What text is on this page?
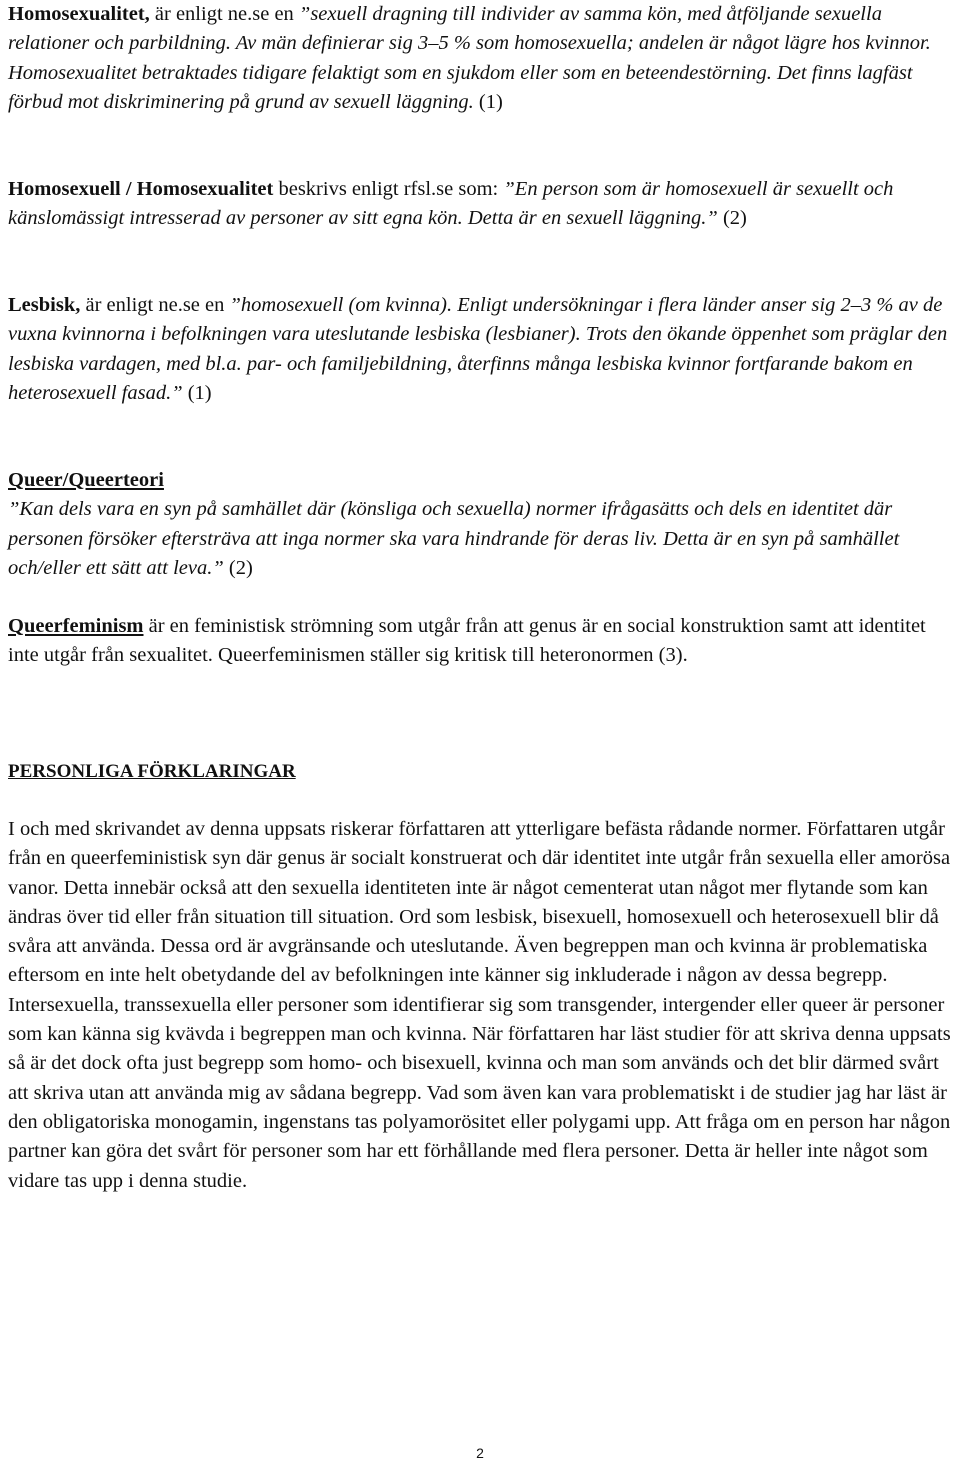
Homosexualitet, är enligt ne.se en ”sexuell dragning till individer av samma kön, med åtföljande sexuella relationer och parbildning. Av män definierar sig 3–5 % som homosexuella; andelen är något lägre hos kvinnor. Homosexualitet betraktades tidigare felaktigt som en sjukdom eller som en beteendestörning. Det finns lagfäst förbud mot diskriminering på grund av sexuell läggning. (1)

Homosexuell / Homosexualitet beskrivs enligt rfsl.se som: ”En person som är homosexuell är sexuellt och känslomässigt intresserad av personer av sitt egna kön. Detta är en sexuell läggning.” (2)

Lesbisk, är enligt ne.se en ”homosexuell (om kvinna). Enligt undersökningar i flera länder anser sig 2–3 % av de vuxna kvinnorna i befolkningen vara uteslutande lesbiska (lesbianer). Trots den ökande öppenhet som präglar den lesbiska vardagen, med bl.a. par- och familjebildning, återfinns många lesbiska kvinnor fortfarande bakom en heterosexuell fasad.” (1)

Queer/Queerteori
”Kan dels vara en syn på samhället där (könsliga och sexuella) normer ifrågasätts och dels en identitet där personen försöker eftersträva att inga normer ska vara hindrande för deras liv. Detta är en syn på samhället och/eller ett sätt att leva.” (2)

Queerfeminism är en feministisk strömning som utgår från att genus är en social konstruktion samt att identitet inte utgår från sexualitet. Queerfeminismen ställer sig kritisk till heteronormen (3).

PERSONLIGA FÖRKLARINGAR

I och med skrivandet av denna uppsats riskerar författaren att ytterligare befästa rådande normer. Författaren utgår från en queerfeministisk syn där genus är socialt konstruerat och där identitet inte utgår från sexuella eller amorösa vanor. Detta innebär också att den sexuella identiteten inte är något cementerat utan något mer flytande som kan ändras över tid eller från situation till situation. Ord som lesbisk, bisexuell, homosexuell och heterosexuell blir då svåra att använda. Dessa ord är avgränsande och uteslutande. Även begreppen man och kvinna är problematiska eftersom en inte helt obetydande del av befolkningen inte känner sig inkluderade i någon av dessa begrepp. Intersexuella, transsexuella eller personer som identifierar sig som transgender, intergender eller queer är personer som kan känna sig kvävda i begreppen man och kvinna. När författaren har läst studier för att skriva denna uppsats så är det dock ofta just begrepp som homo- och bisexuell, kvinna och man som används och det blir därmed svårt att skriva utan att använda mig av sådana begrepp. Vad som även kan vara problematiskt i de studier jag har läst är den obligatoriska monogamin, ingenstans tas polyamorösitet eller polygami upp. Att fråga om en person har någon partner kan göra det svårt för personer som har ett förhållande med flera personer. Detta är heller inte något som vidare tas upp i denna studie.

2
